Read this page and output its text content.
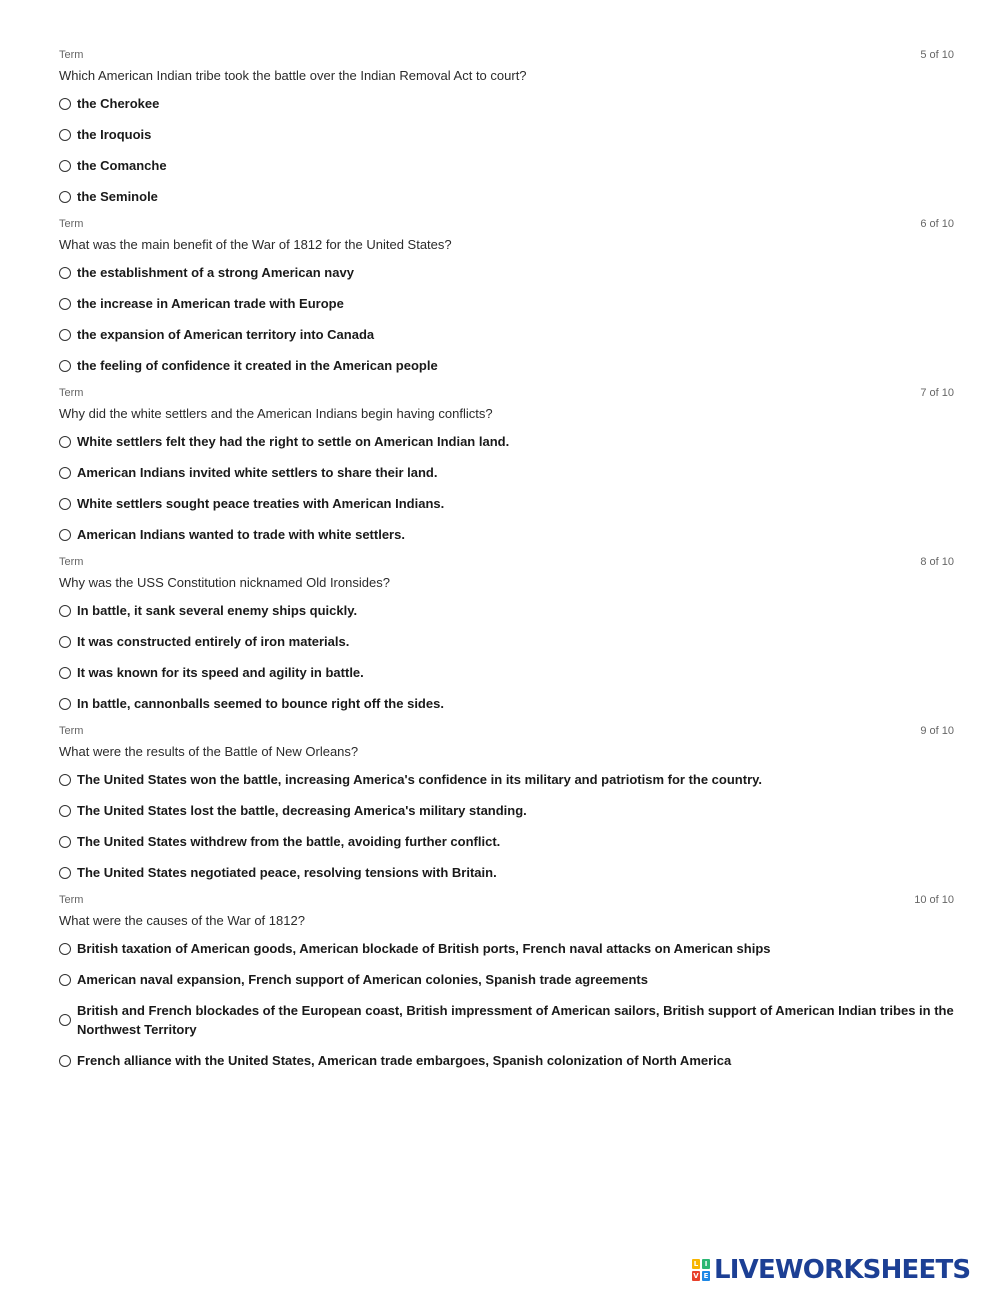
Term	5 of 10
Which American Indian tribe took the battle over the Indian Removal Act to court?
the Cherokee
the Iroquois
the Comanche
the Seminole
Term	6 of 10
What was the main benefit of the War of 1812 for the United States?
the establishment of a strong American navy
the increase in American trade with Europe
the expansion of American territory into Canada
the feeling of confidence it created in the American people
Term	7 of 10
Why did the white settlers and the American Indians begin having conflicts?
White settlers felt they had the right to settle on American Indian land.
American Indians invited white settlers to share their land.
White settlers sought peace treaties with American Indians.
American Indians wanted to trade with white settlers.
Term	8 of 10
Why was the USS Constitution nicknamed Old Ironsides?
In battle, it sank several enemy ships quickly.
It was constructed entirely of iron materials.
It was known for its speed and agility in battle.
In battle, cannonballs seemed to bounce right off the sides.
Term	9 of 10
What were the results of the Battle of New Orleans?
The United States won the battle, increasing America's confidence in its military and patriotism for the country.
The United States lost the battle, decreasing America's military standing.
The United States withdrew from the battle, avoiding further conflict.
The United States negotiated peace, resolving tensions with Britain.
Term	10 of 10
What were the causes of the War of 1812?
British taxation of American goods, American blockade of British ports, French naval attacks on American ships
American naval expansion, French support of American colonies, Spanish trade agreements
British and French blockades of the European coast, British impressment of American sailors, British support of American Indian tribes in the Northwest Territory
French alliance with the United States, American trade embargoes, Spanish colonization of North America
L I
V E LIVEWORKSHEETS
